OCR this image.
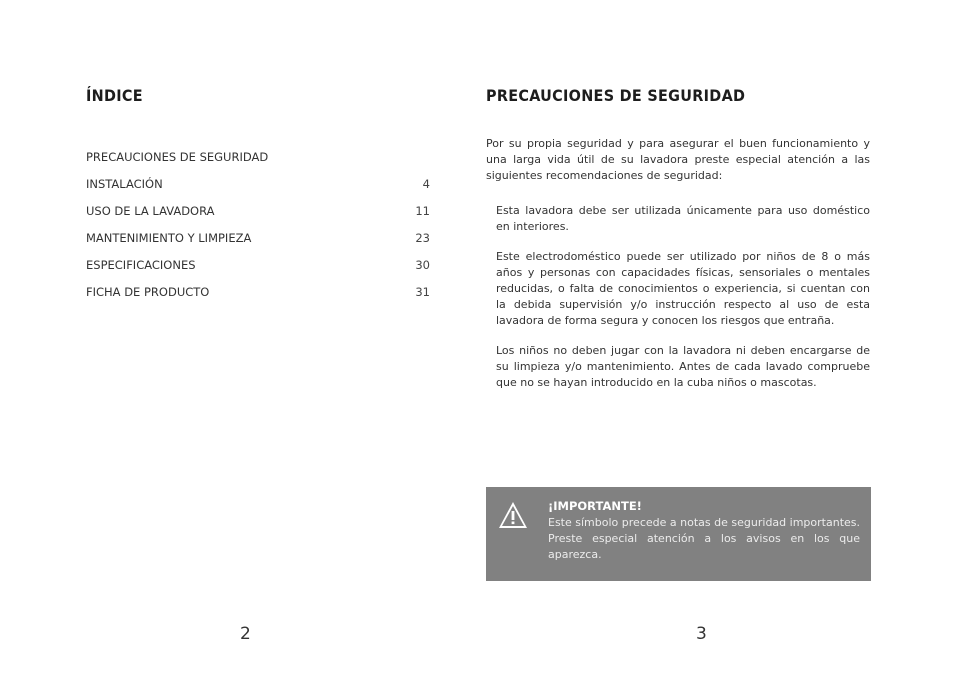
ÍNDICE
PRECAUCIONES DE SEGURIDAD
INSTALACIÓN	4
USO DE LA LAVADORA	11
MANTENIMIENTO Y LIMPIEZA	23
ESPECIFICACIONES	30
FICHA DE PRODUCTO	31
2
PRECAUCIONES DE SEGURIDAD

Por su propia seguridad y para asegurar el buen funcionamiento y una larga vida útil de su lavadora preste especial atención a las siguientes recomendaciones de seguridad:

Esta lavadora debe ser utilizada únicamente para uso doméstico en interiores.

Este electrodoméstico puede ser utilizado por niños de 8 o más años y personas con capacidades físicas, sensoriales o mentales reducidas, o falta de conocimientos o experiencia, si cuentan con la debida supervisión y/o instrucción respecto al uso de esta lavadora de forma segura y conocen los riesgos que entraña.

Los niños no deben jugar con la lavadora ni deben encargarse de su limpieza y/o mantenimiento. Antes de cada lavado compruebe que no se hayan introducido en la cuba niños o mascotas.

¡IMPORTANTE!
Este símbolo precede a notas de seguridad importantes. Preste especial atención a los avisos en los que aparezca.
3
